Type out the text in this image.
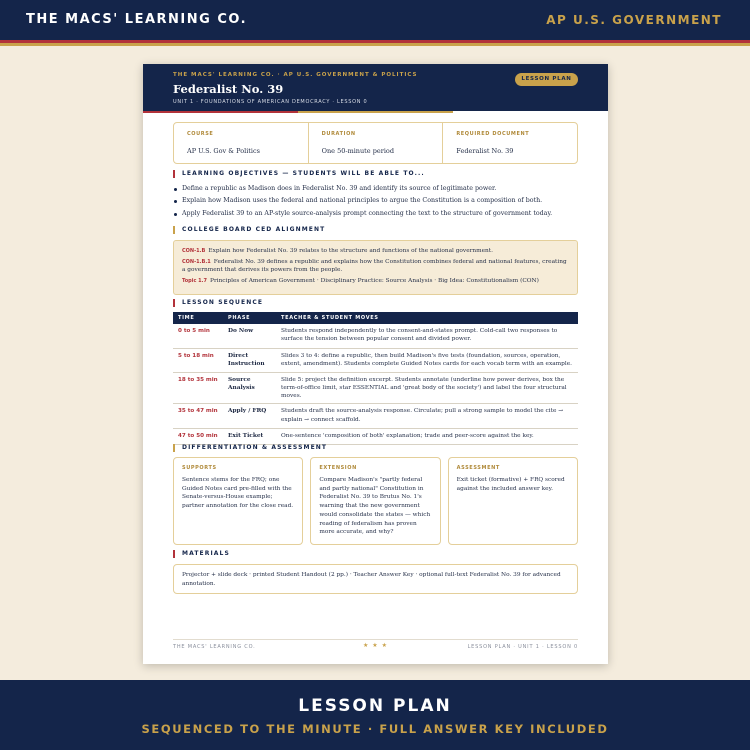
THE MACS' LEARNING CO.	AP U.S. GOVERNMENT
THE MACS' LEARNING CO. · AP U.S. GOVERNMENT & POLITICS
Federalist No. 39
UNIT 1 · FOUNDATIONS OF AMERICAN DEMOCRACY · LESSON 0
LESSON PLAN
COURSE
AP U.S. Gov & Politics
DURATION
One 50-minute period
REQUIRED DOCUMENT
Federalist No. 39
LEARNING OBJECTIVES — STUDENTS WILL BE ABLE TO...
Define a republic as Madison does in Federalist No. 39 and identify its source of legitimate power.
Explain how Madison uses the federal and national principles to argue the Constitution is a composition of both.
Apply Federalist 39 to an AP-style source-analysis prompt connecting the text to the structure of government today.
COLLEGE BOARD CED ALIGNMENT

CON-1.B Explain how Federalist No. 39 relates to the structure and functions of the national government.

CON-1.B.1 Federalist No. 39 defines a republic and explains how the Constitution combines federal and national features, creating a government that derives its powers from the people.

Topic 1.7 Principles of American Government · Disciplinary Practice: Source Analysis · Big Idea: Constitutionalism (CON)

LESSON SEQUENCE
TIME	PHASE	TEACHER & STUDENT MOVES
0 to 5 min	Do Now	Students respond independently to the consent-and-states prompt. Cold-call two responses to surface the tension between popular consent and divided power.
5 to 18 min	Direct Instruction	Slides 3 to 4: define a republic, then build Madison's five tests (foundation, sources, operation, extent, amendment). Students complete Guided Notes cards for each vocab term with an example.
18 to 35 min	Source Analysis	Slide 5: project the definition excerpt. Students annotate (underline how power derives, box the term-of-office limit, star ESSENTIAL and 'great body of the society') and label the four structural moves.
35 to 47 min	Apply / FRQ	Students draft the source-analysis response. Circulate; pull a strong sample to model the cite → explain → connect scaffold.
47 to 50 min	Exit Ticket	One-sentence 'composition of both' explanation; trade and peer-score against the key.
DIFFERENTIATION & ASSESSMENT
SUPPORTS
Sentence stems for the FRQ; one Guided Notes card pre-filled with the Senate-versus-House example; partner annotation for the close read.
EXTENSION
Compare Madison's "partly federal and partly national" Constitution in Federalist No. 39 to Brutus No. 1's warning that the new government would consolidate the states — which reading of federalism has proven more accurate, and why?
ASSESSMENT
Exit ticket (formative) + FRQ scored against the included answer key.
MATERIALS
Projector + slide deck · printed Student Handout (2 pp.) · Teacher Answer Key · optional full-text Federalist No. 39 for advanced annotation.
THE MACS' LEARNING CO.	★ ★ ★	LESSON PLAN · UNIT 1 · LESSON 0
LESSON PLAN
SEQUENCED TO THE MINUTE · FULL ANSWER KEY INCLUDED
